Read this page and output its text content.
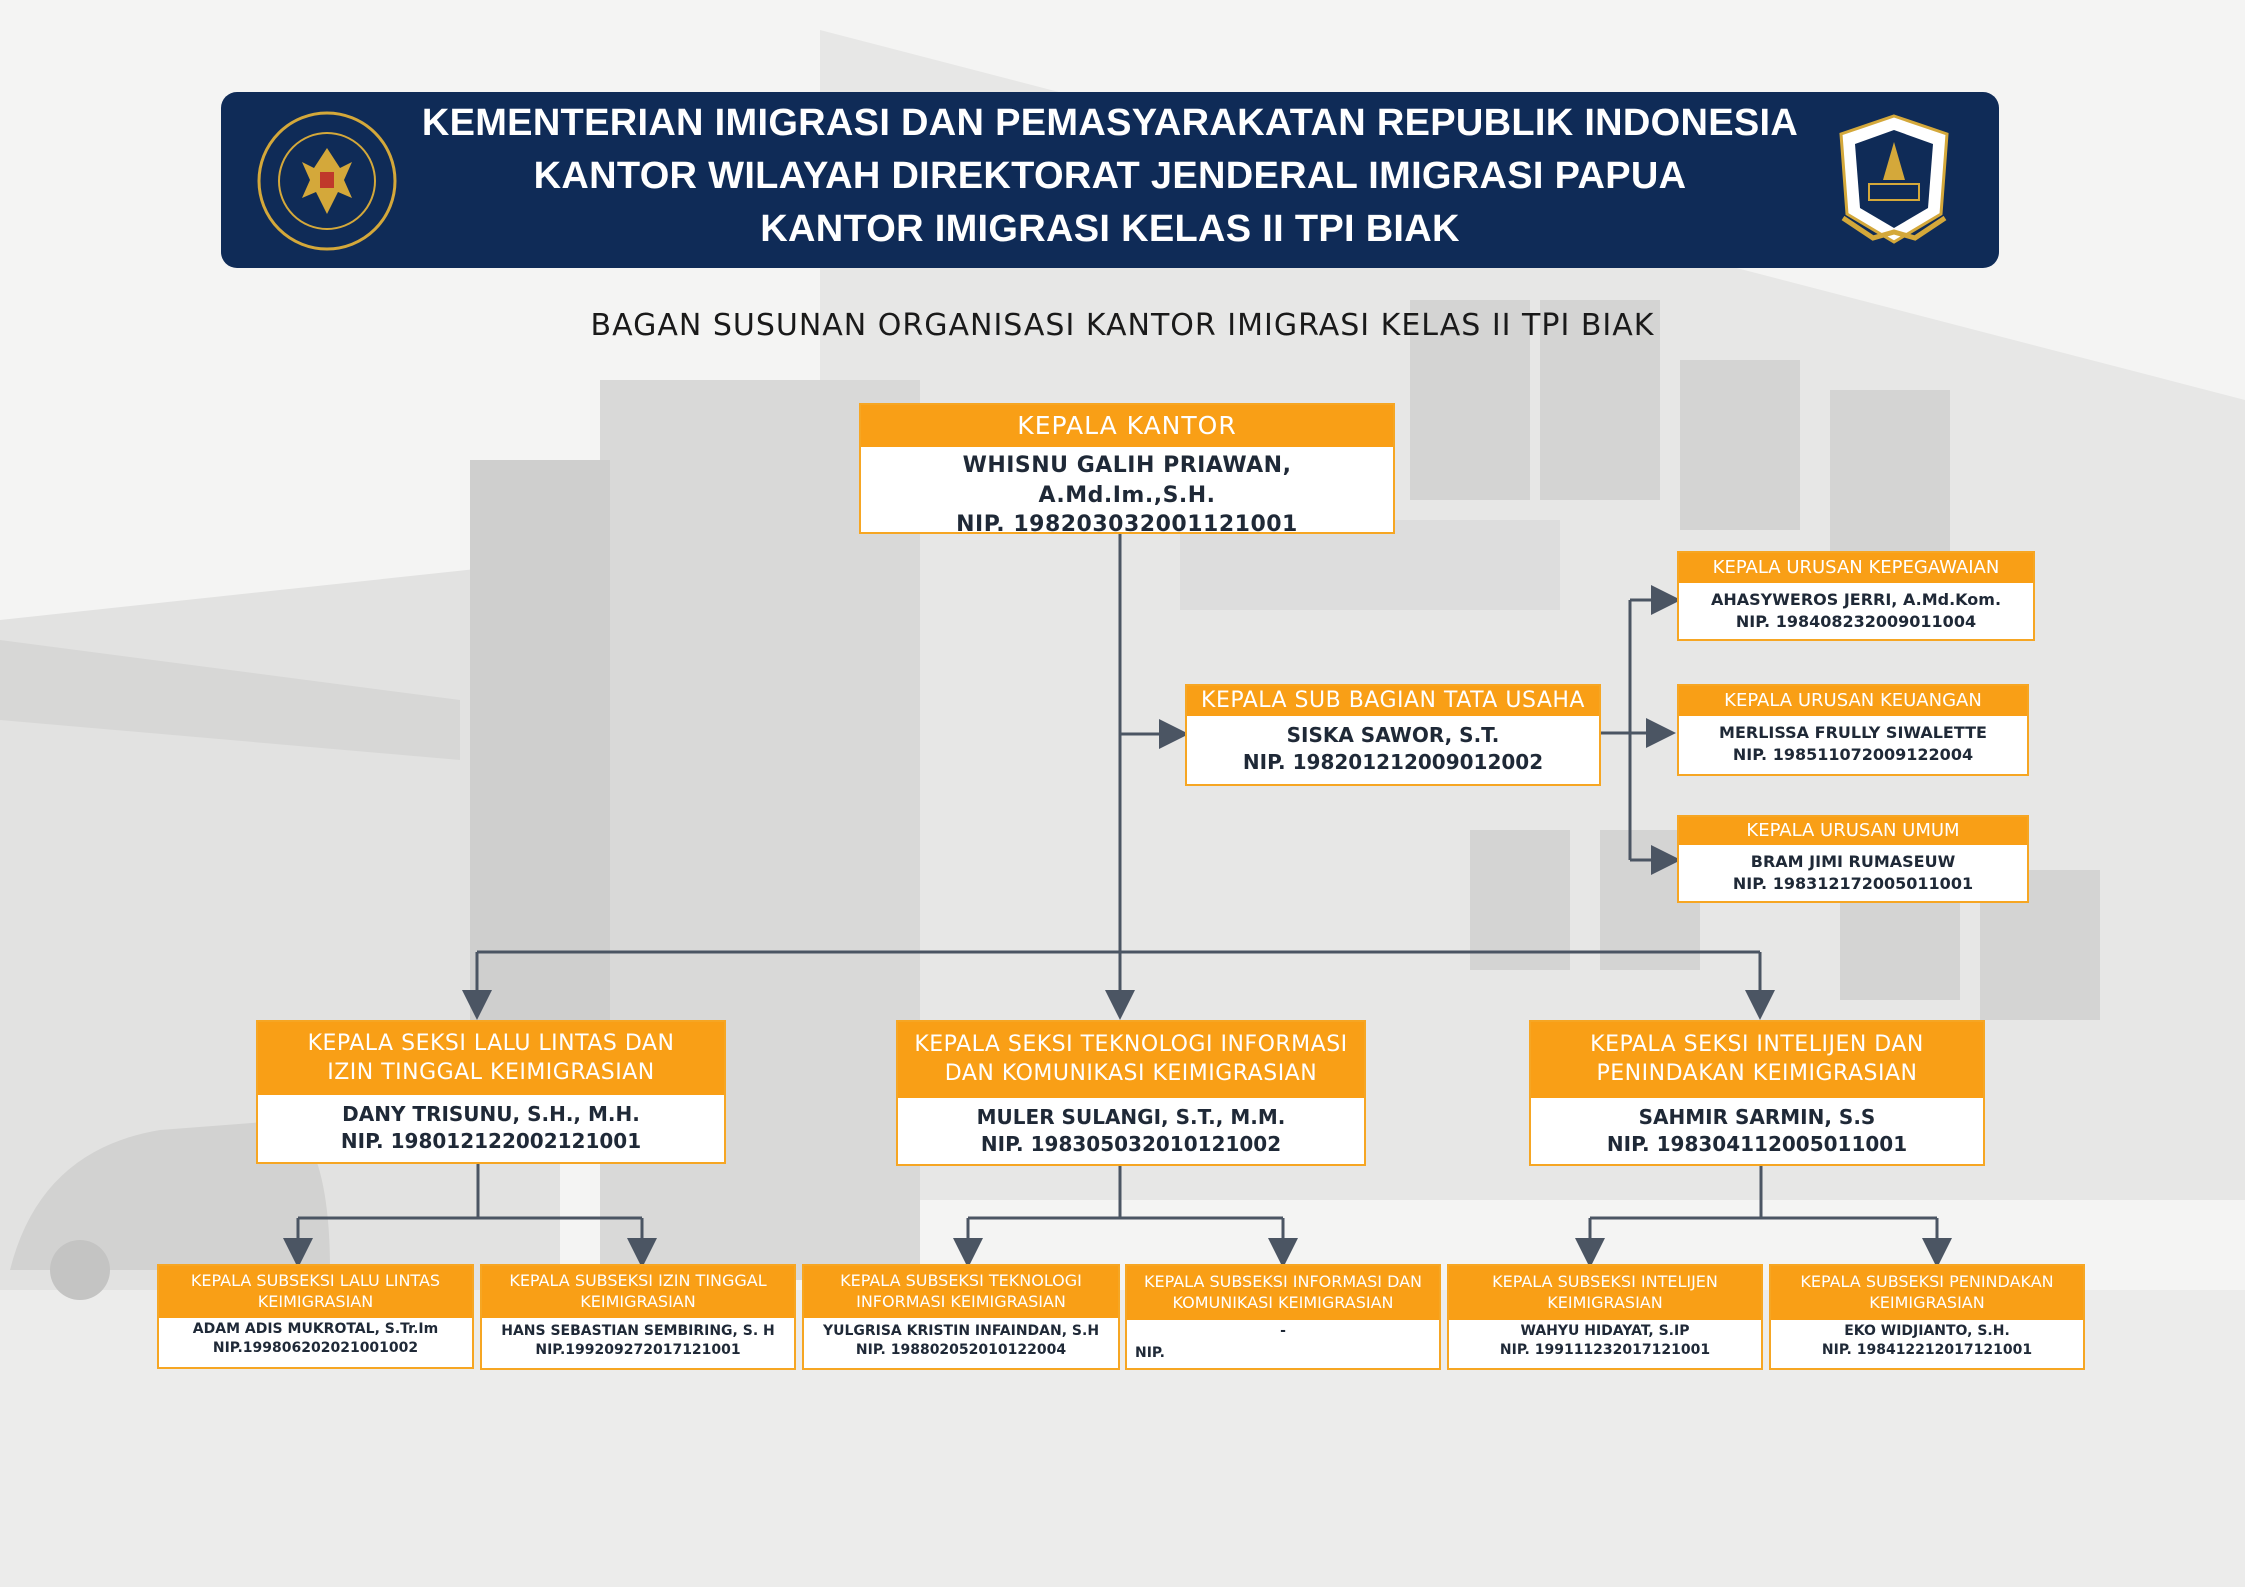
KEMENTERIAN IMIGRASI DAN PEMASYARAKATAN REPUBLIK INDONESIA
KANTOR WILAYAH DIREKTORAT JENDERAL IMIGRASI PAPUA
KANTOR IMIGRASI KELAS II TPI BIAK
BAGAN SUSUNAN ORGANISASI KANTOR IMIGRASI KELAS II TPI BIAK
KEPALA KANTOR
WHISNU GALIH PRIAWAN,
A.Md.Im.,S.H.
NIP. 198203032001121001
KEPALA SUB BAGIAN TATA USAHA
SISKA SAWOR, S.T.
NIP. 198201212009012002
KEPALA URUSAN KEPEGAWAIAN
AHASYWEROS JERRI, A.Md.Kom.
NIP. 198408232009011004
KEPALA URUSAN KEUANGAN
MERLISSA FRULLY SIWALETTE
NIP. 198511072009122004
KEPALA URUSAN UMUM
BRAM JIMI RUMASEUW
NIP. 198312172005011001
KEPALA SEKSI LALU LINTAS DAN
IZIN TINGGAL KEIMIGRASIAN
DANY TRISUNU, S.H., M.H.
NIP. 198012122002121001
KEPALA SEKSI TEKNOLOGI INFORMASI
DAN KOMUNIKASI KEIMIGRASIAN
MULER SULANGI, S.T., M.M.
NIP. 198305032010121002
KEPALA SEKSI INTELIJEN DAN
PENINDAKAN KEIMIGRASIAN
SAHMIR SARMIN, S.S
NIP. 198304112005011001
KEPALA SUBSEKSI LALU LINTAS
KEIMIGRASIAN
ADAM ADIS MUKROTAL, S.Tr.Im
NIP.199806202021001002
KEPALA SUBSEKSI IZIN TINGGAL
KEIMIGRASIAN
HANS SEBASTIAN SEMBIRING, S. H
NIP.199209272017121001
KEPALA SUBSEKSI TEKNOLOGI
INFORMASI KEIMIGRASIAN
YULGRISA KRISTIN INFAINDAN, S.H
NIP. 198802052010122004
KEPALA SUBSEKSI INFORMASI DAN
KOMUNIKASI KEIMIGRASIAN
-
NIP.
KEPALA SUBSEKSI INTELIJEN
KEIMIGRASIAN
WAHYU HIDAYAT, S.IP
NIP. 199111232017121001
KEPALA SUBSEKSI PENINDAKAN
KEIMIGRASIAN
EKO WIDJIANTO, S.H.
NIP. 198412212017121001
